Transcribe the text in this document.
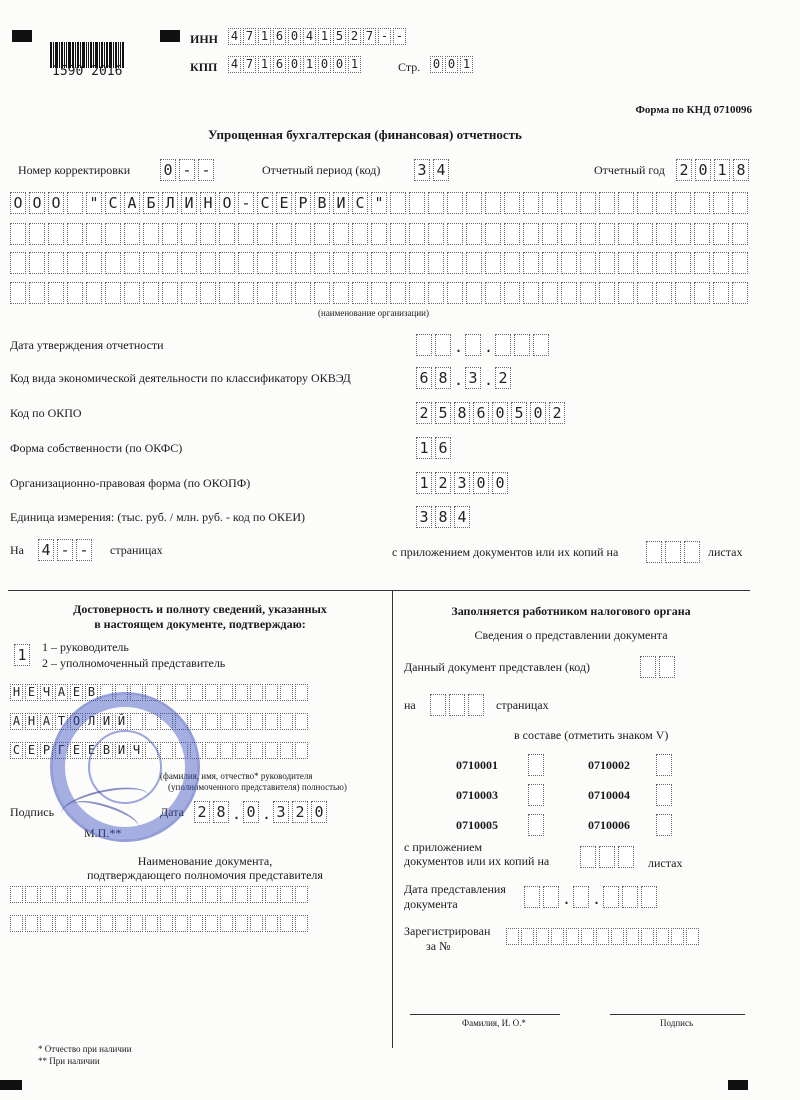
1590 2016
ИНН 4 7 1 6 0 4 1 5 2 7 - -
КПП 4 7 1 6 0 1 0 0 1	Стр. 0 0 1
Форма по КНД 0710096
Упрощенная бухгалтерская (финансовая) отчетность
Номер корректировки 0 - -	Отчетный период (код) 3 4	Отчетный год 2 0 1 8
О О О " С А Б Л И Н О - С Е Р В И С "
(наименование организации)
Дата утверждения отчетности	. .
Код вида экономической деятельности по классификатору ОКВЭД	6 8 . 3 . 2
Код по ОКПО	2 5 8 6 0 5 0 2
Форма собственности (по ОКФС)	1 6
Организационно-правовая форма (по ОКОПФ)	1 2 3 0 0
Единица измерения: (тыс. руб. / млн. руб. - код по ОКЕИ)	3 8 4
На 4 - - страницах	с приложением документов или их копий на	листах
Достоверность и полноту сведений, указанных
в настоящем документе, подтверждаю:
1 1 – руководитель
2 – уполномоченный представитель
Н Е Ч А Е В
А Н А Т О Л И Й
С Е Р Г Е Е В И Ч
(фамилия, имя, отчество* руководителя
(уполномоченного представителя) полностью)
Подпись	Дата 2 8 . 0 . 3 2 0
М.П.**
Наименование документа,
подтверждающего полномочия представителя
Заполняется работником налогового органа
Сведения о представлении документа
Данный документ представлен (код)
на	страницах
в составе (отметить знаком V)
0710001	0710002
0710003	0710004
0710005	0710006
с приложением
документов или их копий на	листах
Дата представления
документа	. .
Зарегистрирован
за №
Фамилия, И. О.*	Подпись
* Отчество при наличии
** При наличии
